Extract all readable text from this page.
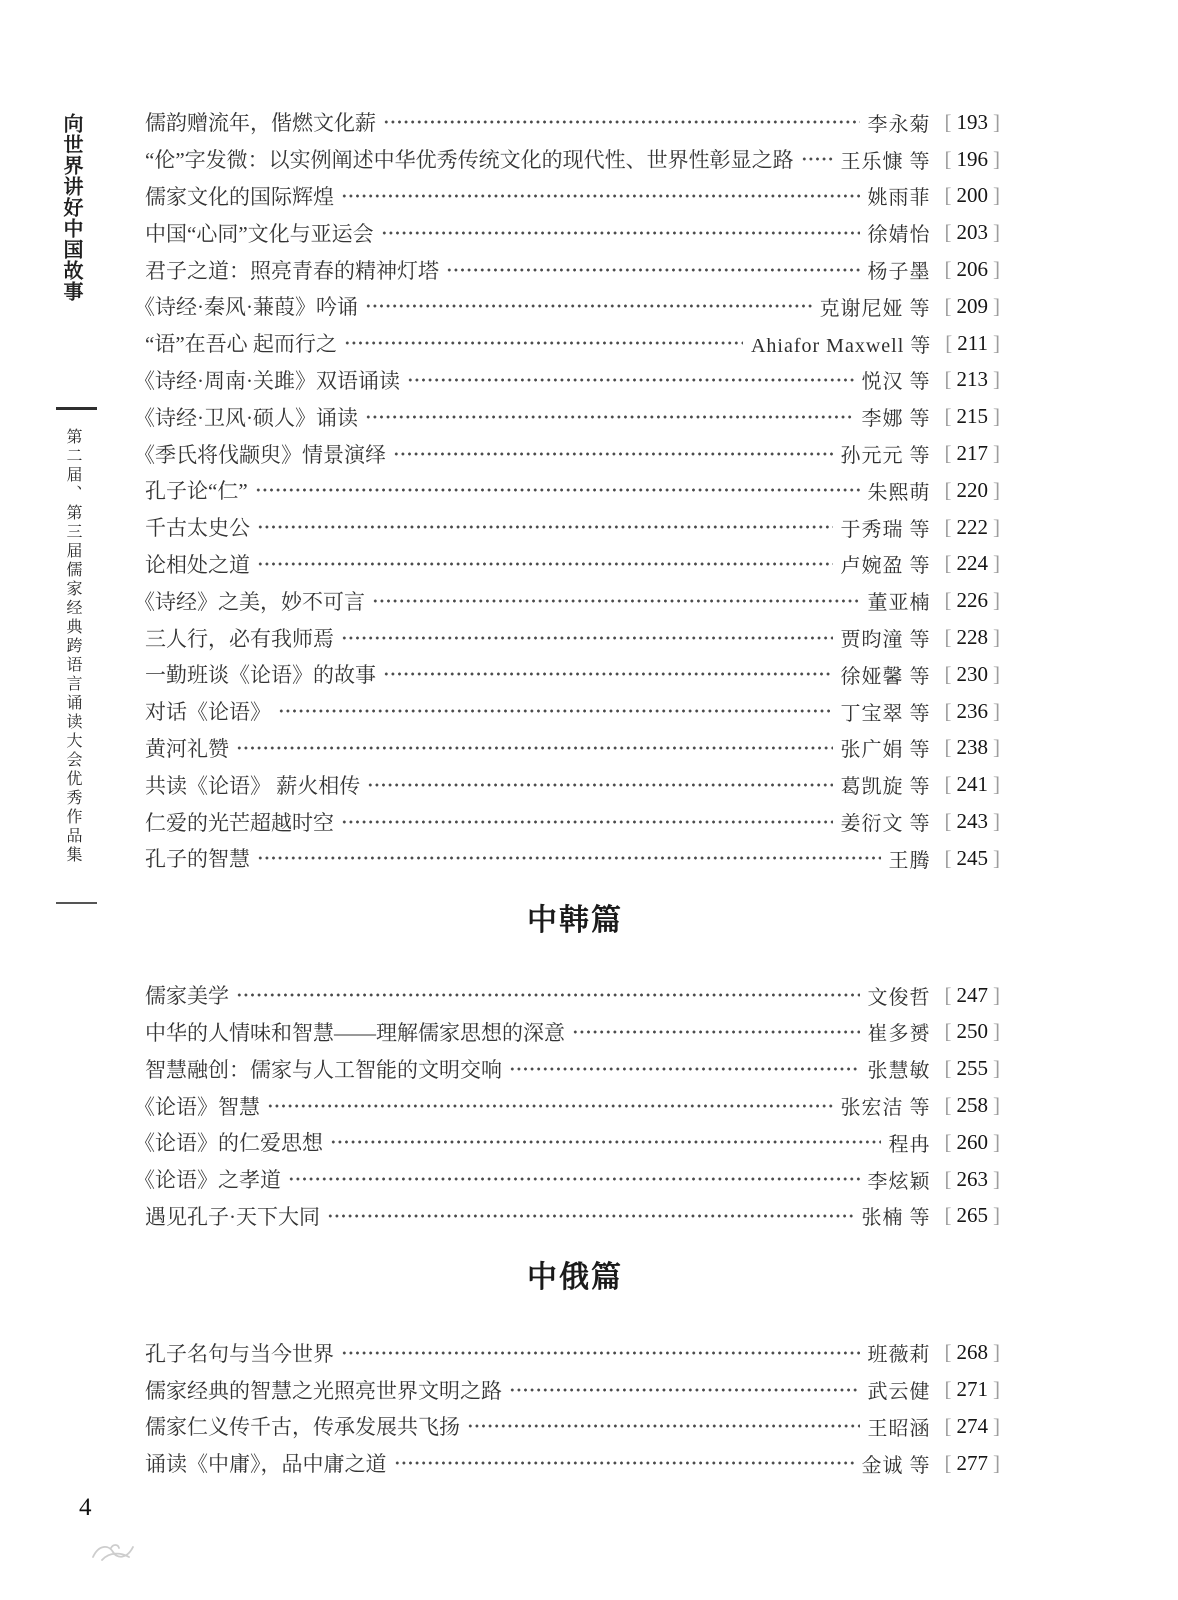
向世界讲好中国故事
第二届、第三届儒家经典跨语言诵读大会优秀作品集
儒韵赠流年，偕燃文化薪	李永菊 [ 193 ]
“伦”字发微：以实例阐述中华优秀传统文化的现代性、世界性彰显之路 王乐慷 等 [ 196 ]
儒家文化的国际辉煌	姚雨菲 [ 200 ]
中国“心同”文化与亚运会	徐婧怡 [ 203 ]
君子之道：照亮青春的精神灯塔	杨子墨 [ 206 ]
《诗经·秦风·蒹葭》吟诵	克谢尼娅 等 [ 209 ]
“语”在吾心 起而行之	Ahiafor Maxwell 等 [ 211 ]
《诗经·周南·关雎》双语诵读	悦汉 等 [ 213 ]
《诗经·卫风·硕人》诵读	李娜 等 [ 215 ]
《季氏将伐颛臾》情景演绎	孙元元 等 [ 217 ]
孔子论“仁”	朱熙萌 [ 220 ]
千古太史公	于秀瑞 等 [ 222 ]
论相处之道	卢婉盈 等 [ 224 ]
《诗经》之美，妙不可言	董亚楠 [ 226 ]
三人行，必有我师焉	贾昀潼 等 [ 228 ]
一勤班谈《论语》的故事	徐娅馨 等 [ 230 ]
对话《论语》	丁宝翠 等 [ 236 ]
黄河礼赞	张广娟 等 [ 238 ]
共读《论语》 薪火相传	葛凯旋 等 [ 241 ]
仁爱的光芒超越时空	姜衍文 等 [ 243 ]
孔子的智慧	王腾 [ 245 ]
中韩篇
儒家美学	文俊哲 [ 247 ]
中华的人情味和智慧——理解儒家思想的深意	崔多赟 [ 250 ]
智慧融创：儒家与人工智能的文明交响	张慧敏 [ 255 ]
《论语》智慧	张宏洁 等 [ 258 ]
《论语》的仁爱思想	程冉 [ 260 ]
《论语》之孝道	李炫颖 [ 263 ]
遇见孔子·天下大同	张楠 等 [ 265 ]
中俄篇
孔子名句与当今世界	班薇莉 [ 268 ]
儒家经典的智慧之光照亮世界文明之路	武云健 [ 271 ]
儒家仁义传千古，传承发展共飞扬	王昭涵 [ 274 ]
诵读《中庸》，品中庸之道	金诚 等 [ 277 ]
4
